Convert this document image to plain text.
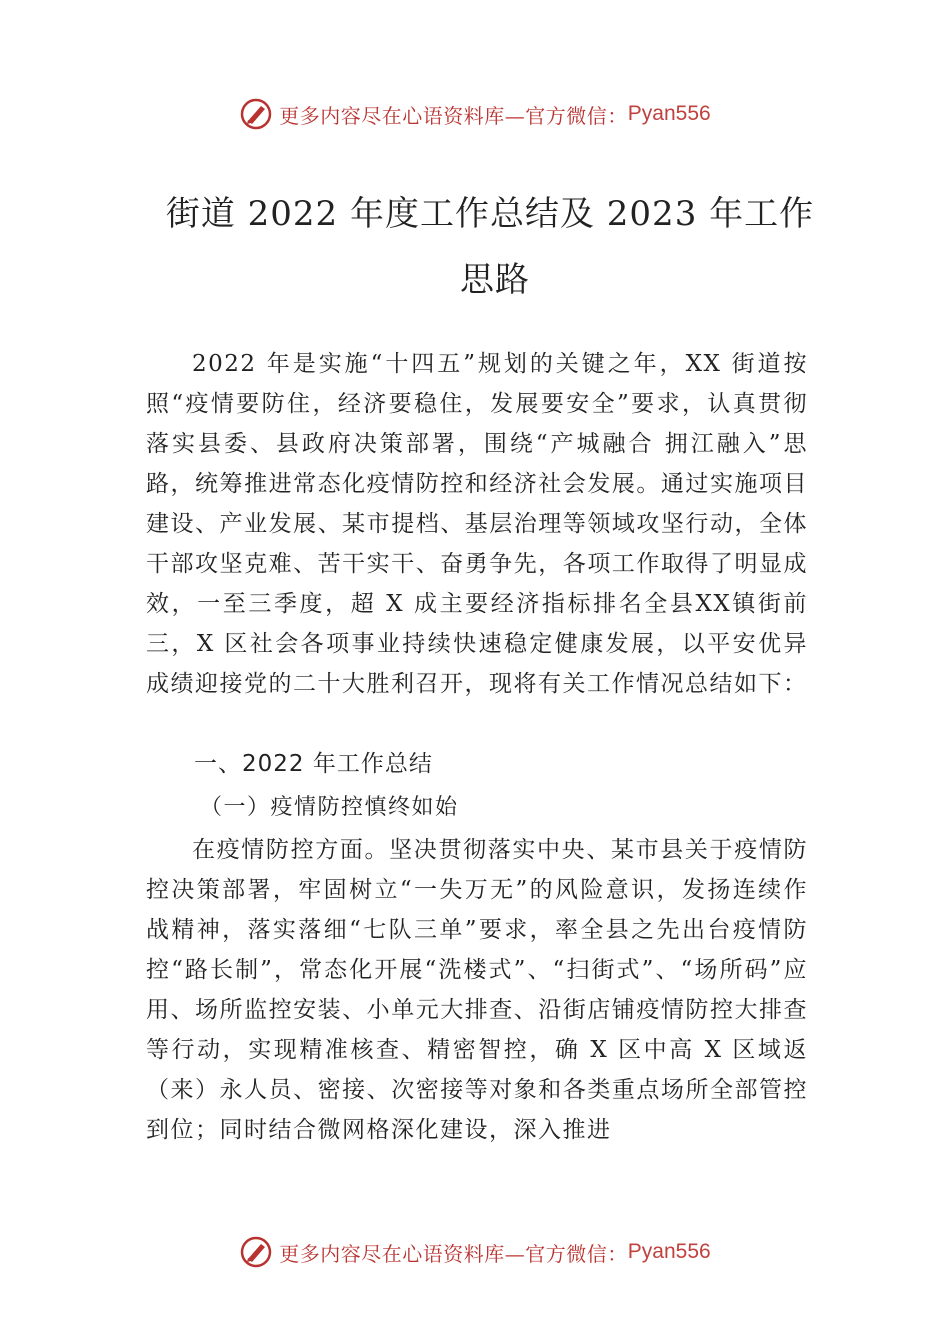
更多内容尽在心语资料库—官方微信： Pyan556
街道 2022 年度工作总结及 2023 年工作
思路

2022 年是实施“十四五”规划的关键之年，XX 街道按照“疫情要防住，经济要稳住，发展要安全”要求，认真贯彻落实县委、县政府决策部署，围绕“产城融合 拥江融入”思路，统筹推进常态化疫情防控和经济社会发展。通过实施项目建设、产业发展、某市提档、基层治理等领域攻坚行动，全体干部攻坚克难、苦干实干、奋勇争先，各项工作取得了明显成效，一至三季度，超 X 成主要经济指标排名全县XX镇街前三，X 区社会各项事业持续快速稳定健康发展，以平安优异成绩迎接党的二十大胜利召开，现将有关工作情况总结如下：

一、2022 年工作总结
（一）疫情防控慎终如始

在疫情防控方面。坚决贯彻落实中央、某市县关于疫情防控决策部署，牢固树立“一失万无”的风险意识，发扬连续作战精神，落实落细“七队三单”要求，率全县之先出台疫情防控“路长制”，常态化开展“洗楼式”、“扫街式”、“场所码”应用、场所监控安装、小单元大排查、沿街店铺疫情防控大排查等行动，实现精准核查、精密智控，确 X 区中高 X 区域返（来）永人员、密接、次密接等对象和各类重点场所全部管控到位；同时结合微网格深化建设，深入推进

更多内容尽在心语资料库—官方微信： Pyan556
